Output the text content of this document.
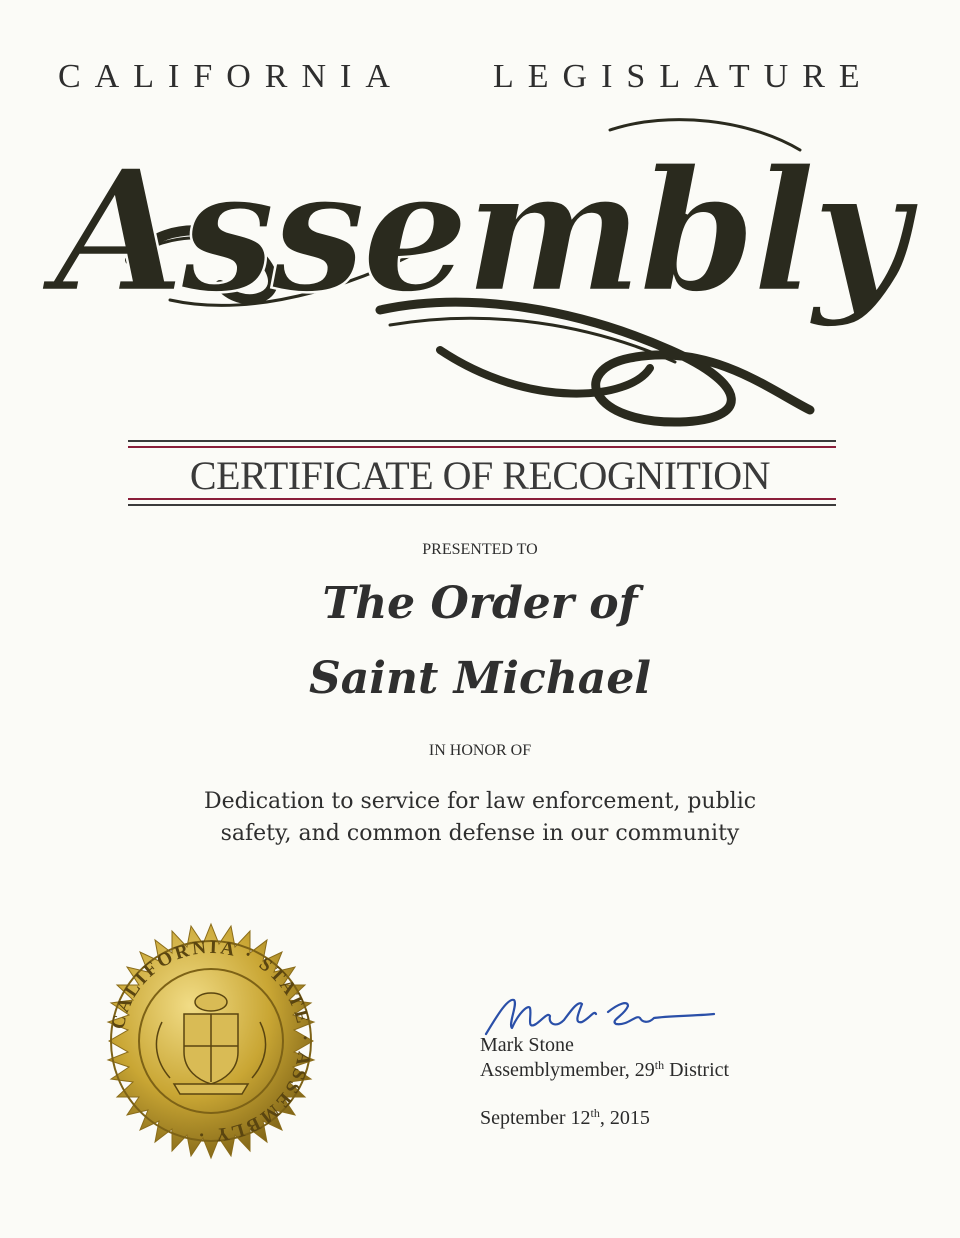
CALIFORNIA	LEGISLATURE
Assembly
CERTIFICATE OF RECOGNITION
PRESENTED TO
The Order of
Saint Michael
IN HONOR OF
Dedication to service for law enforcement, public
safety, and common defense in our community
CALIFORNIA · STATE · ASSEMBLY ·
Mark Stone
Assemblymember, 29th District
September 12th, 2015
